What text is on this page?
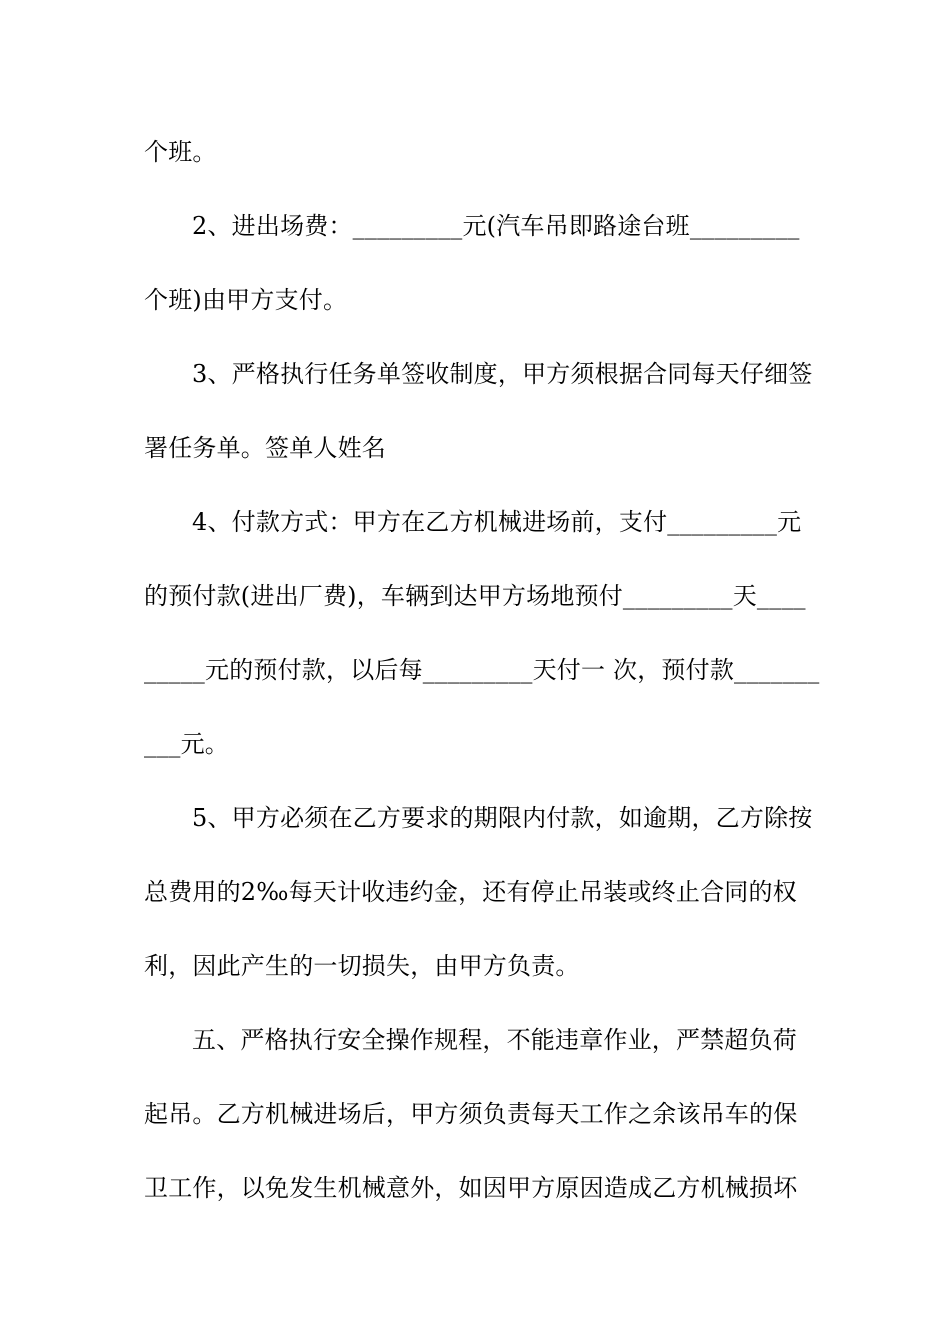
个班。
2、进出场费：_________元(汽车吊即路途台班_________
个班)由甲方支付。
3、严格执行任务单签收制度，甲方须根据合同每天仔细签
署任务单。签单人姓名
4、付款方式：甲方在乙方机械进场前，支付_________元
的预付款(进出厂费)，车辆到达甲方场地预付_________天____
_____元的预付款，以后每_________天付一 次，预付款_______
___元。
5、甲方必须在乙方要求的期限内付款，如逾期，乙方除按
总费用的2‰每天计收违约金，还有停止吊装或终止合同的权
利，因此产生的一切损失，由甲方负责。
五、严格执行安全操作规程，不能违章作业，严禁超负荷
起吊。乙方机械进场后，甲方须负责每天工作之余该吊车的保
卫工作，以免发生机械意外，如因甲方原因造成乙方机械损坏
